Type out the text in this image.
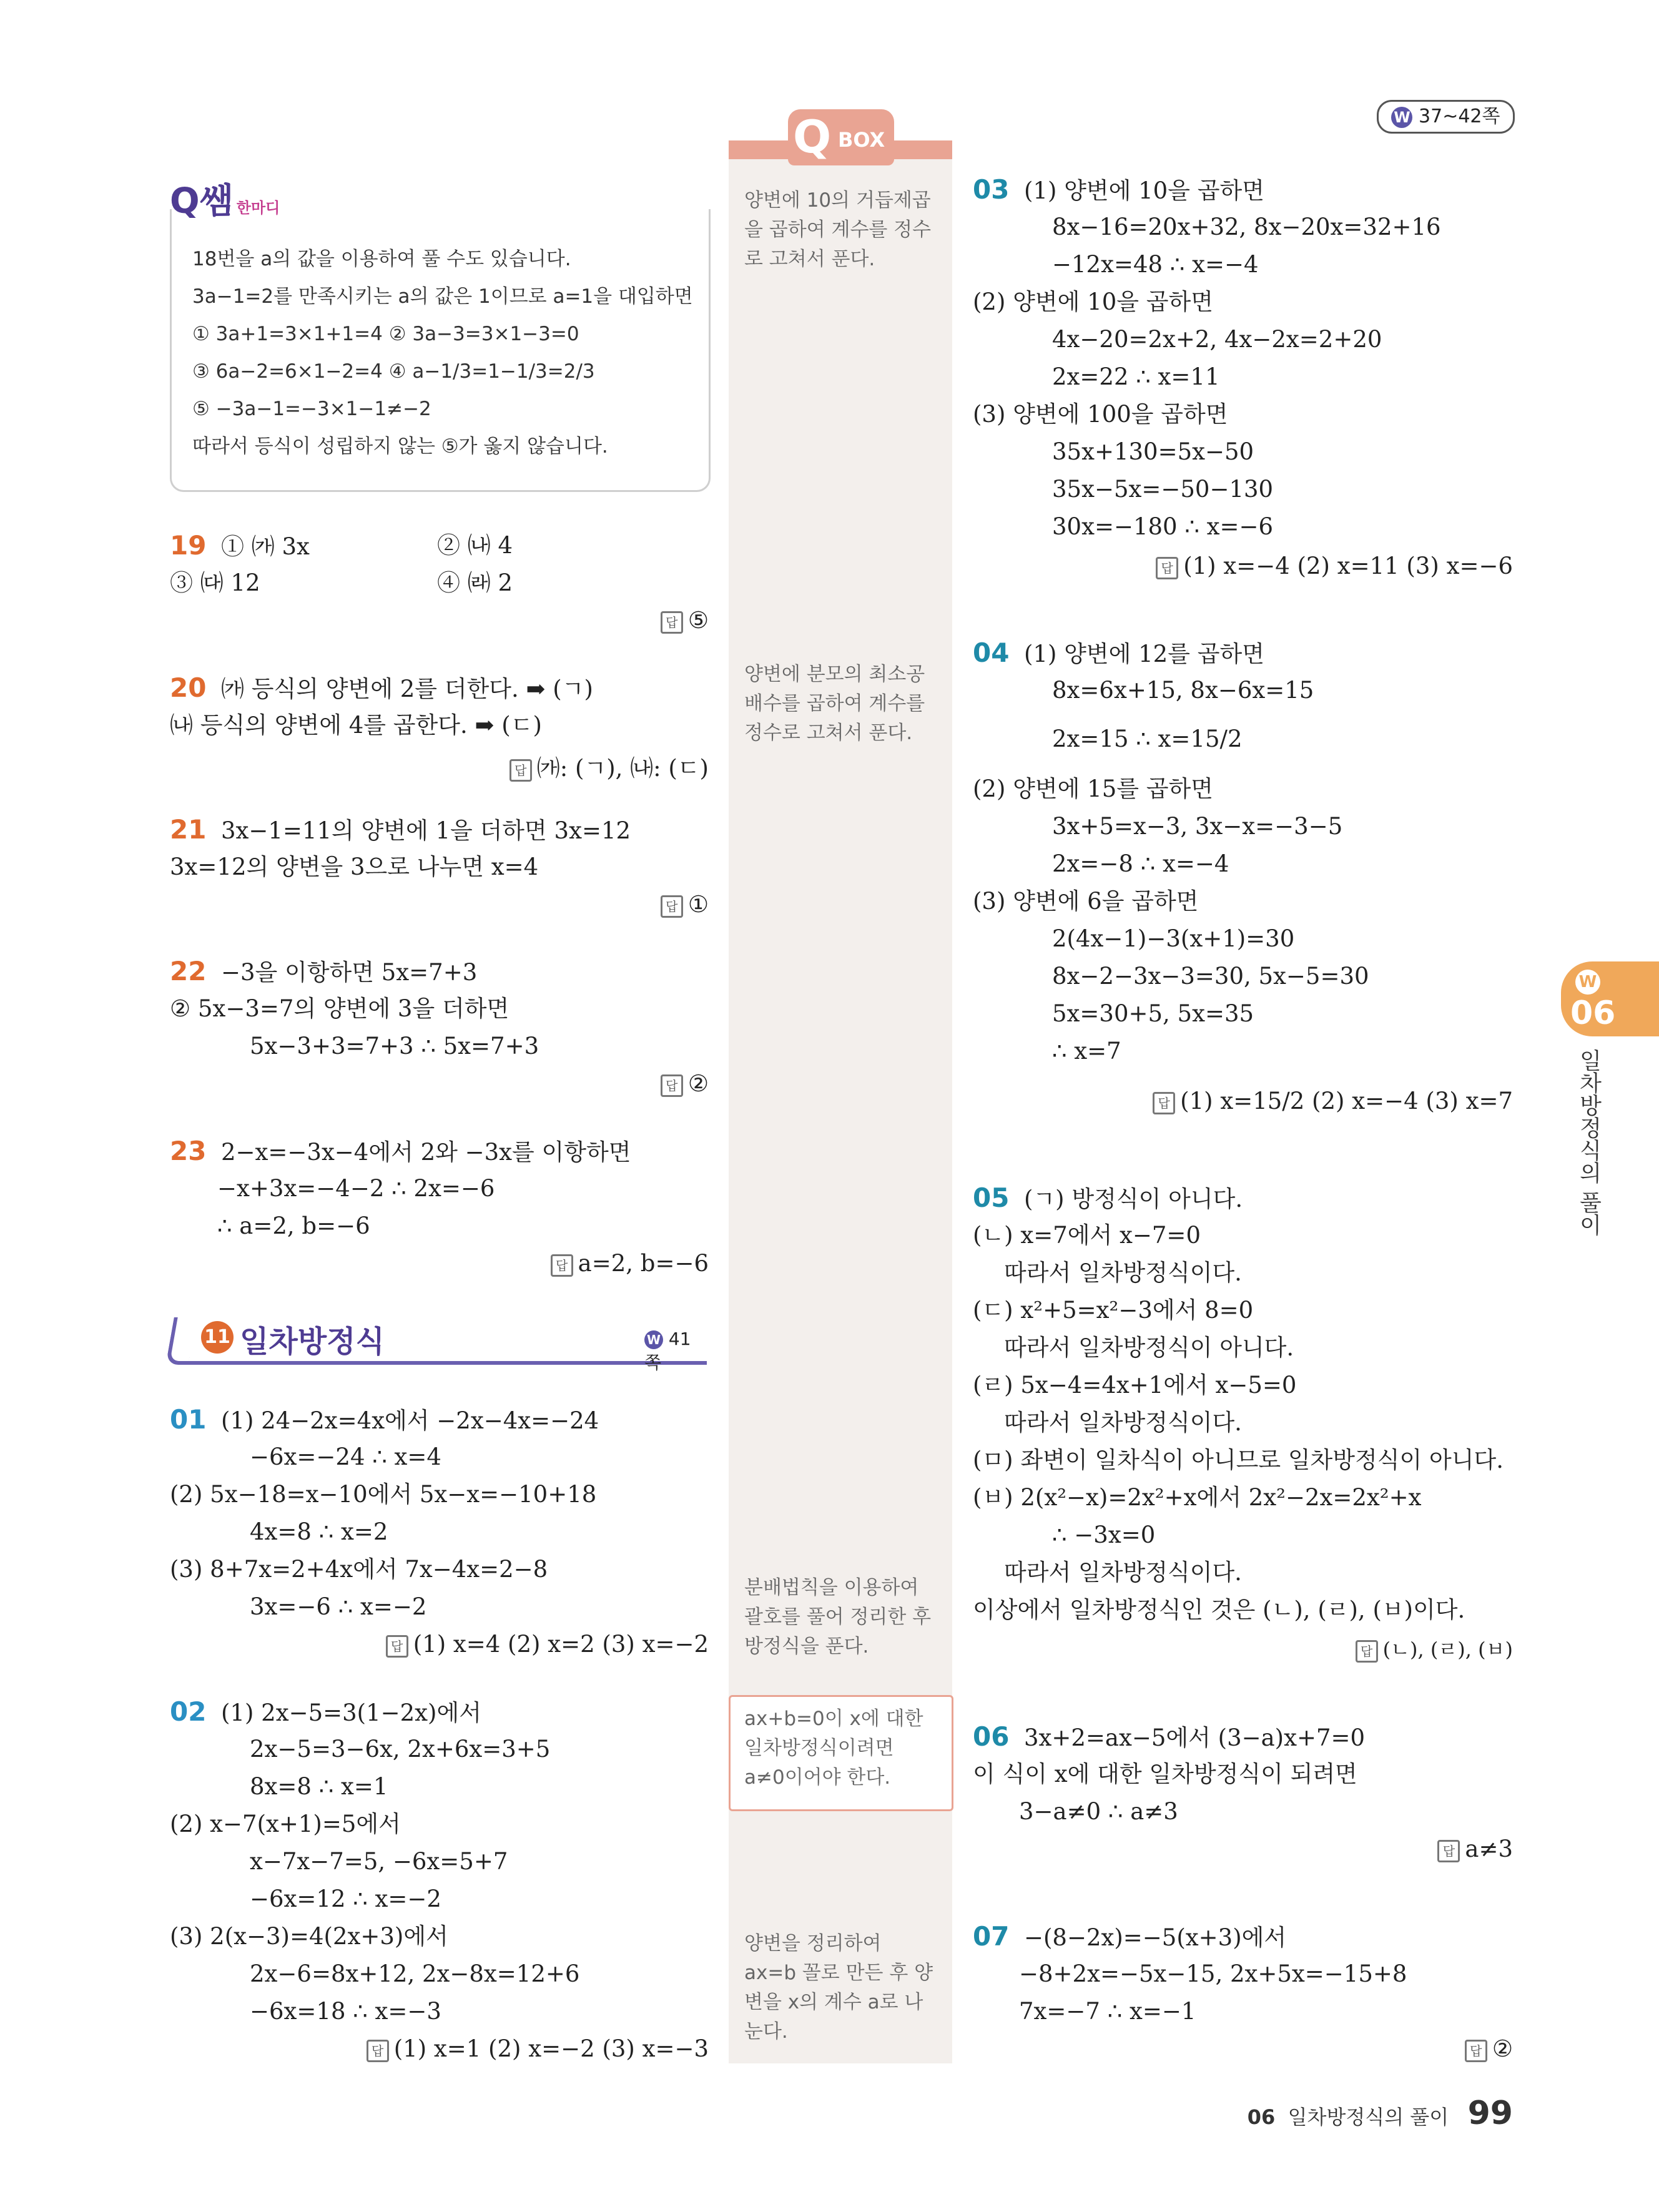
W 37~42쪽
Q BOX
양변에 10의 거듭제곱
을 곱하여 계수를 정수
로 고쳐서 푼다.
양변에 분모의 최소공
배수를 곱하여 계수를
정수로 고쳐서 푼다.
분배법칙을 이용하여
괄호를 풀어 정리한 후
방정식을 푼다.
ax+b=0이 x에 대한
일차방정식이려면
a≠0이어야 한다.
양변을 정리하여
ax=b 꼴로 만든 후 양
변을 x의 계수 a로 나
눈다.
Q쌤 한마디
18번을 a의 값을 이용하여 풀 수도 있습니다.
3a−1=2를 만족시키는 a의 값은 1이므로 a=1을 대입하면
① 3a+1=3×1+1=4 ② 3a−3=3×1−3=0
③ 6a−2=6×1−2=4 ④ a−1/3=1−1/3=2/3
⑤ −3a−1=−3×1−1≠−2
따라서 등식이 성립하지 않는 ⑤가 옳지 않습니다.
19 ① ㈎ 3x	② ㈏ 4
③ ㈐ 12	④ ㈑ 2
답 ⑤
20 ㈎ 등식의 양변에 2를 더한다. ➡ (ㄱ)
㈏ 등식의 양변에 4를 곱한다. ➡ (ㄷ)
답 ㈎: (ㄱ), ㈏: (ㄷ)
21 3x−1=11의 양변에 1을 더하면 3x=12
3x=12의 양변을 3으로 나누면 x=4
답 ①
22 −3을 이항하면 5x=7+3
② 5x−3=7의 양변에 3을 더하면
5x−3+3=7+3 ∴ 5x=7+3
답 ②
23 2−x=−3x−4에서 2와 −3x를 이항하면
−x+3x=−4−2 ∴ 2x=−6
∴ a=2, b=−6
답 a=2, b=−6
11 일차방정식	W 41쪽
01 (1) 24−2x=4x에서 −2x−4x=−24
−6x=−24 ∴ x=4
(2) 5x−18=x−10에서 5x−x=−10+18
4x=8 ∴ x=2
(3) 8+7x=2+4x에서 7x−4x=2−8
3x=−6 ∴ x=−2
답 (1) x=4 (2) x=2 (3) x=−2
02 (1) 2x−5=3(1−2x)에서
2x−5=3−6x, 2x+6x=3+5
8x=8 ∴ x=1
(2) x−7(x+1)=5에서
x−7x−7=5, −6x=5+7
−6x=12 ∴ x=−2
(3) 2(x−3)=4(2x+3)에서
2x−6=8x+12, 2x−8x=12+6
−6x=18 ∴ x=−3
답 (1) x=1 (2) x=−2 (3) x=−3
03 (1) 양변에 10을 곱하면
8x−16=20x+32, 8x−20x=32+16
−12x=48 ∴ x=−4
(2) 양변에 10을 곱하면
4x−20=2x+2, 4x−2x=2+20
2x=22 ∴ x=11
(3) 양변에 100을 곱하면
35x+130=5x−50
35x−5x=−50−130
30x=−180 ∴ x=−6
답 (1) x=−4 (2) x=11 (3) x=−6
04 (1) 양변에 12를 곱하면
8x=6x+15, 8x−6x=15
2x=15 ∴ x=15/2
(2) 양변에 15를 곱하면
3x+5=x−3, 3x−x=−3−5
2x=−8 ∴ x=−4
(3) 양변에 6을 곱하면
2(4x−1)−3(x+1)=30
8x−2−3x−3=30, 5x−5=30
5x=30+5, 5x=35
∴ x=7
답 (1) x=15/2 (2) x=−4 (3) x=7
05 (ㄱ) 방정식이 아니다.
(ㄴ) x=7에서 x−7=0
따라서 일차방정식이다.
(ㄷ) x²+5=x²−3에서 8=0
따라서 일차방정식이 아니다.
(ㄹ) 5x−4=4x+1에서 x−5=0
따라서 일차방정식이다.
(ㅁ) 좌변이 일차식이 아니므로 일차방정식이 아니다.
(ㅂ) 2(x²−x)=2x²+x에서 2x²−2x=2x²+x
∴ −3x=0
따라서 일차방정식이다.
이상에서 일차방정식인 것은 (ㄴ), (ㄹ), (ㅂ)이다.
답 (ㄴ), (ㄹ), (ㅂ)
06 3x+2=ax−5에서 (3−a)x+7=0
이 식이 x에 대한 일차방정식이 되려면
3−a≠0 ∴ a≠3
답 a≠3
07 −(8−2x)=−5(x+3)에서
−8+2x=−5x−15, 2x+5x=−15+8
7x=−7 ∴ x=−1
답 ②
W
06
일차방정식의 풀이
06 일차방정식의 풀이 99
